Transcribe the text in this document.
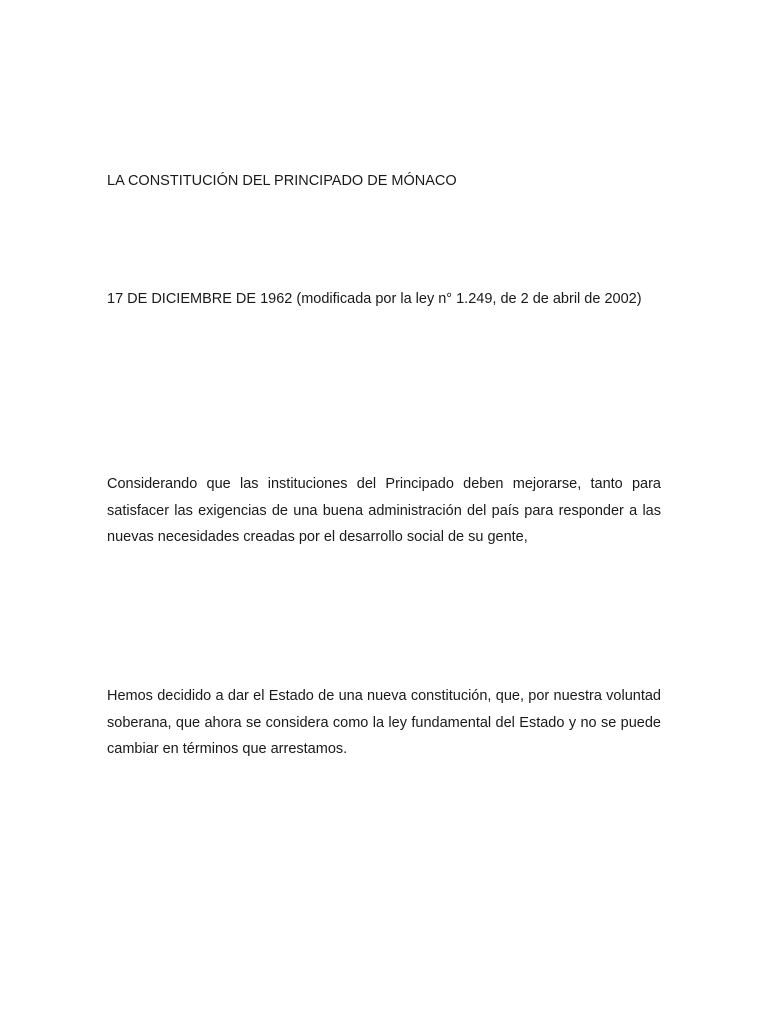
LA CONSTITUCIÓN DEL PRINCIPADO DE MÓNACO

17 DE DICIEMBRE DE 1962 (modificada por la ley n° 1.249, de 2 de abril de 2002)

Considerando que las instituciones del Principado deben mejorarse, tanto para satisfacer las exigencias de una buena administración del país para responder a las nuevas necesidades creadas por el desarrollo social de su gente,

Hemos decidido a dar el Estado de una nueva constitución, que, por nuestra voluntad soberana, que ahora se considera como la ley fundamental del Estado y no se puede cambiar en términos que arrestamos.
